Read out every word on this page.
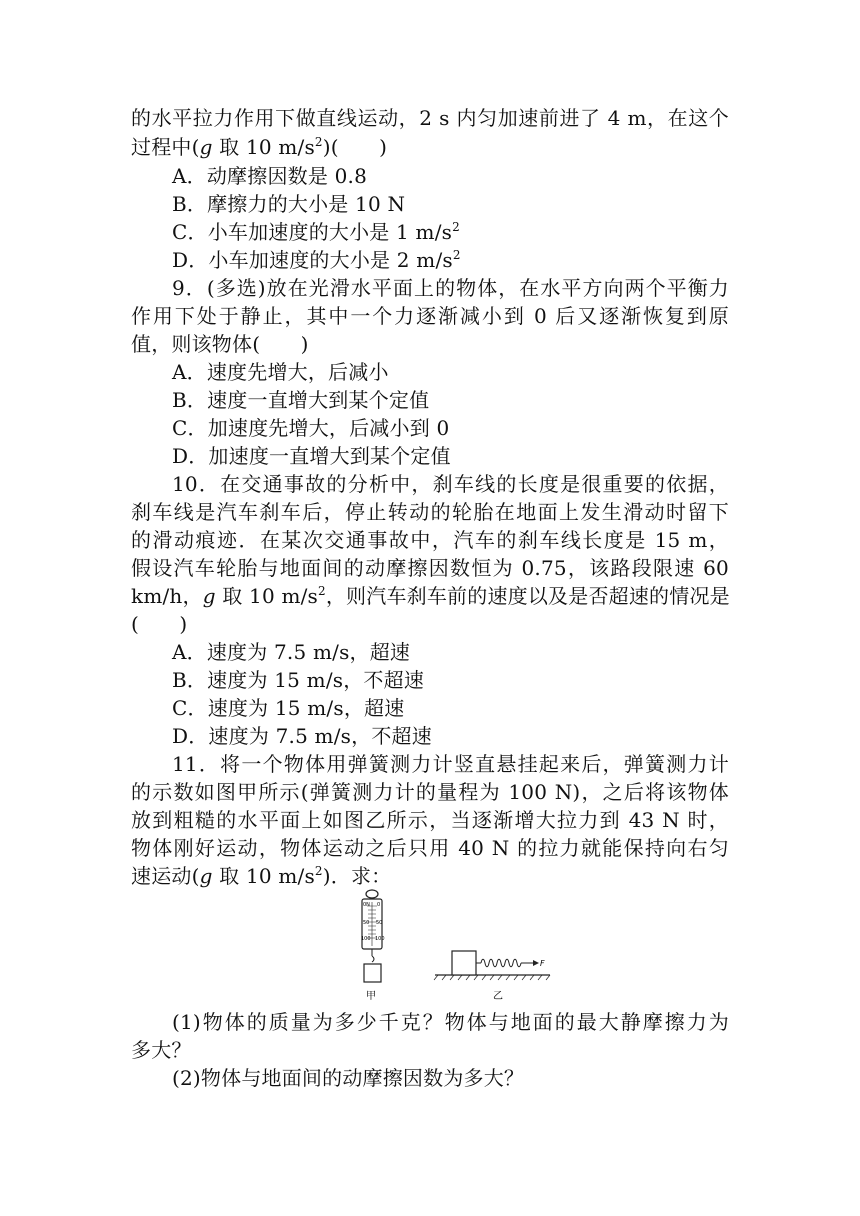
的水平拉力作用下做直线运动，2 s 内匀加速前进了 4 m，在这个
过程中(g 取 10 $m/s^2$)(　　)
A．动摩擦因数是 0.8
B．摩擦力的大小是 10 N
C．小车加速度的大小是 1 $m/s^2$
D．小车加速度的大小是 2 $m/s^2$
9．(多选)放在光滑水平面上的物体，在水平方向两个平衡力
作用下处于静止，其中一个力逐渐减小到 0 后又逐渐恢复到原
值，则该物体(　　)
A．速度先增大，后减小
B．速度一直增大到某个定值
C．加速度先增大，后减小到 0
D．加速度一直增大到某个定值
10．在交通事故的分析中，刹车线的长度是很重要的依据，
刹车线是汽车刹车后，停止转动的轮胎在地面上发生滑动时留下
的滑动痕迹．在某次交通事故中，汽车的刹车线长度是 15 m，
假设汽车轮胎与地面间的动摩擦因数恒为 0.75，该路段限速 60
km/h，g 取 10 $m/s^2$，则汽车刹车前的速度以及是否超速的情况是
(　　)
A．速度为 7.5 m/s，超速
B．速度为 15 m/s，不超速
C．速度为 15 m/s，超速
D．速度为 7.5 m/s，不超速
11．将一个物体用弹簧测力计竖直悬挂起来后，弹簧测力计
的示数如图甲所示(弹簧测力计的量程为 100 N)，之后将该物体
放到粗糙的水平面上如图乙所示，当逐渐增大拉力到 43 N 时，
物体刚好运动，物体运动之后只用 40 N 的拉力就能保持向右匀
速运动(g 取 10 $m/s^2$)．求：
0N 0
50 50
100 100
甲
F
乙
(1)物体的质量为多少千克？物体与地面的最大静摩擦力为
多大？
(2)物体与地面间的动摩擦因数为多大？
